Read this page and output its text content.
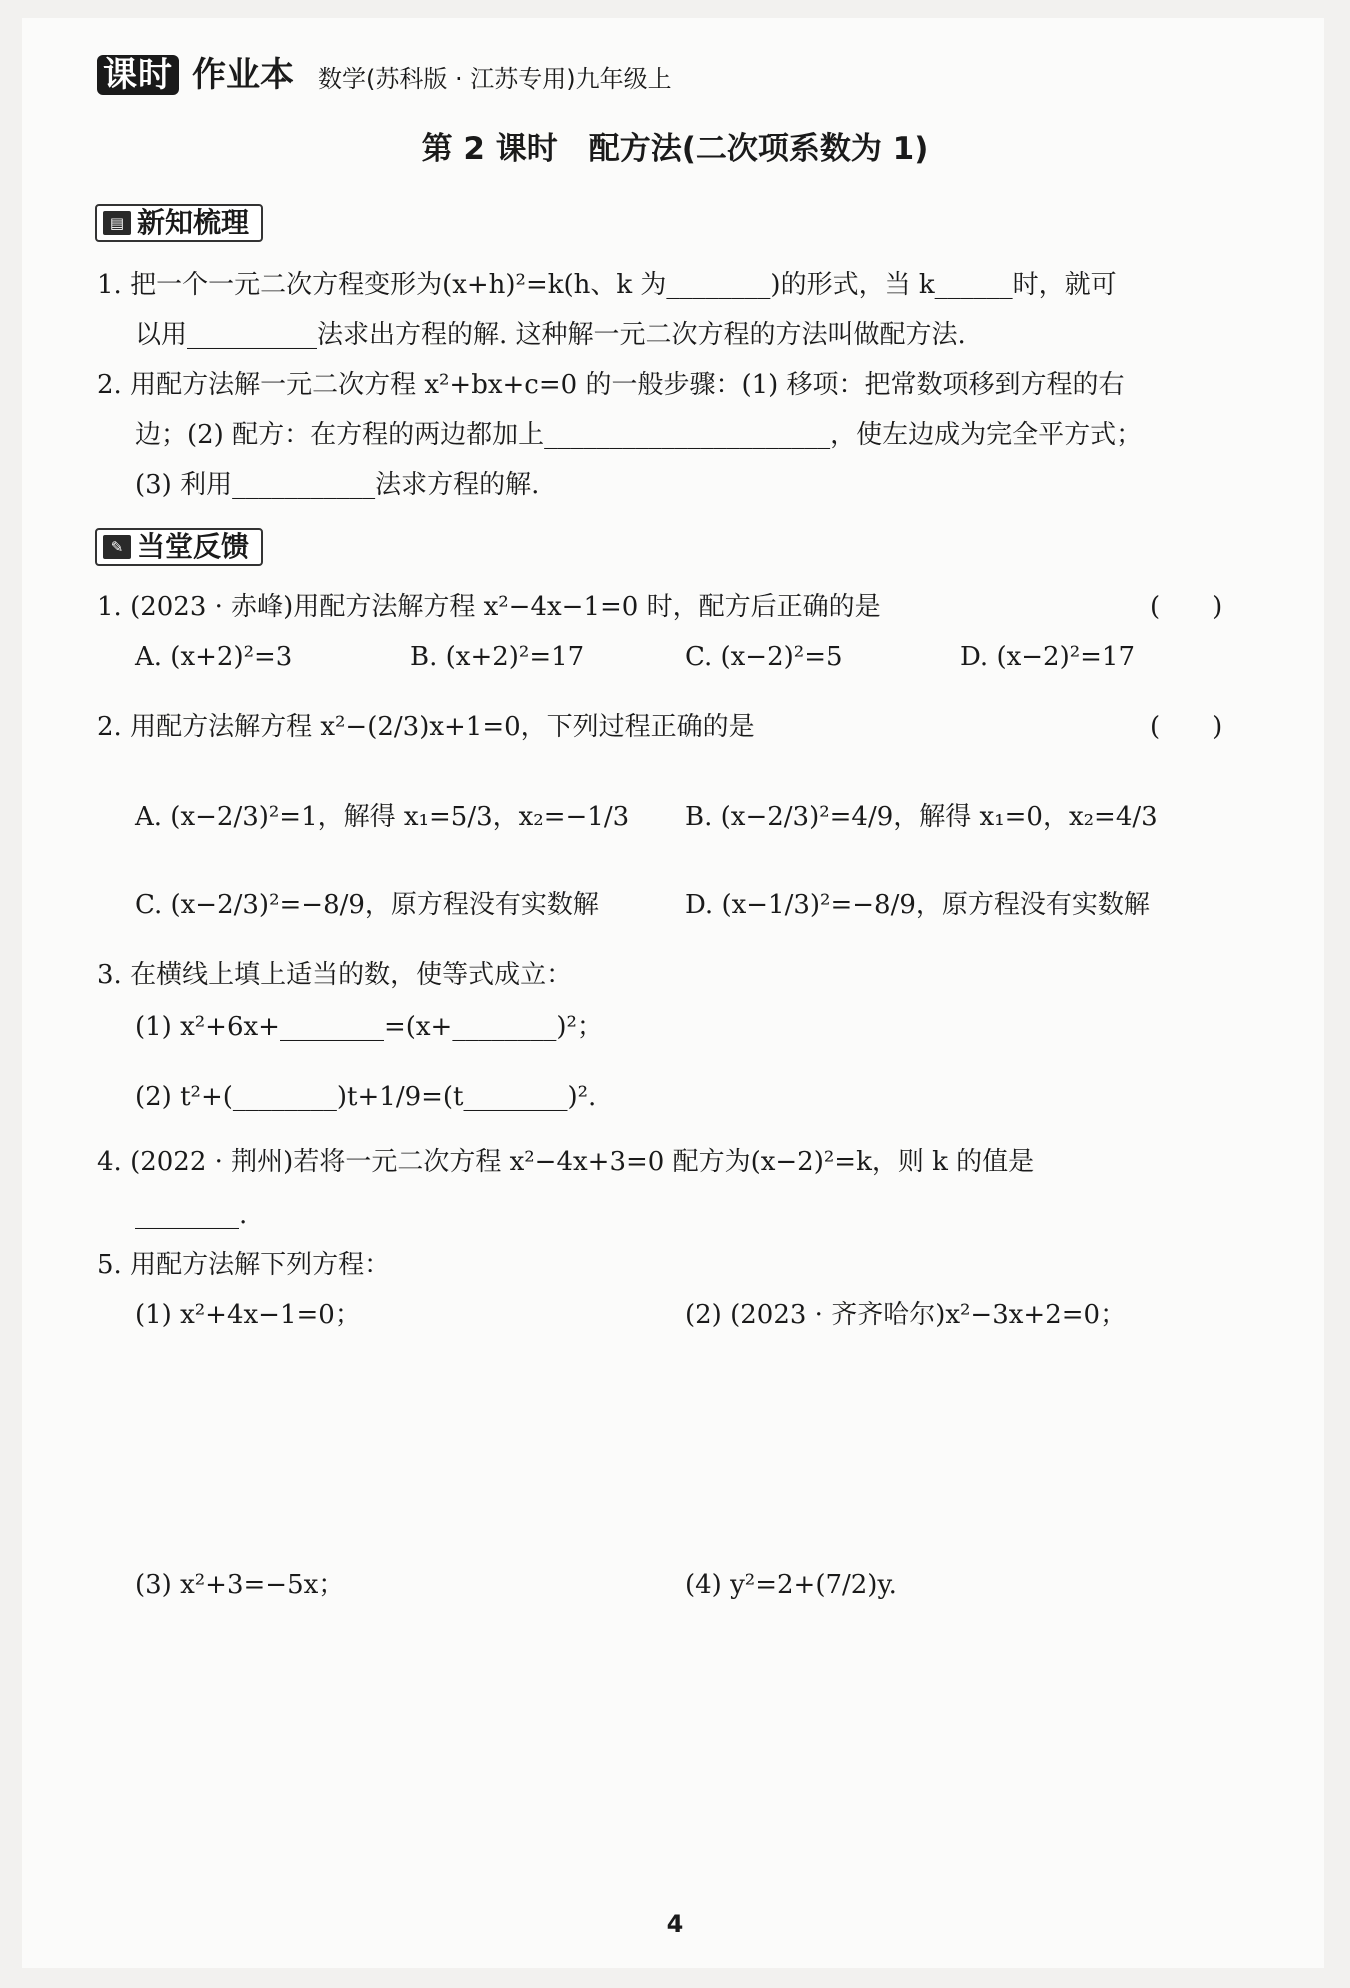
课时 作业本 数学(苏科版 · 江苏专用)九年级上
第 2 课时　配方法(二次项系数为 1)
▤ 新知梳理
1. 把一个一元二次方程变形为(x+h)²=k(h、k 为________)的形式，当 k______时，就可
以用__________法求出方程的解. 这种解一元二次方程的方法叫做配方法.
2. 用配方法解一元二次方程 x²+bx+c=0 的一般步骤：(1) 移项：把常数项移到方程的右
边；(2) 配方：在方程的两边都加上______________________，使左边成为完全平方式；
(3) 利用___________法求方程的解.
✎ 当堂反馈
1. (2023 · 赤峰)用配方法解方程 x²−4x−1=0 时，配方后正确的是	(　　)
A. (x+2)²=3	B. (x+2)²=17	C. (x−2)²=5	D. (x−2)²=17
2. 用配方法解方程 x²−(2/3)x+1=0，下列过程正确的是	(　　)
A. (x−2/3)²=1，解得 x₁=5/3，x₂=−1/3 B. (x−2/3)²=4/9，解得 x₁=0，x₂=4/3
C. (x−2/3)²=−8/9，原方程没有实数解	D. (x−1/3)²=−8/9，原方程没有实数解
3. 在横线上填上适当的数，使等式成立：
(1) x²+6x+________=(x+________)²；
(2) t²+(________)t+1/9=(t________)².
4. (2022 · 荆州)若将一元二次方程 x²−4x+3=0 配方为(x−2)²=k，则 k 的值是
________.
5. 用配方法解下列方程：
(1) x²+4x−1=0；	(2) (2023 · 齐齐哈尔)x²−3x+2=0；
(3) x²+3=−5x；	(4) y²=2+(7/2)y.
4
